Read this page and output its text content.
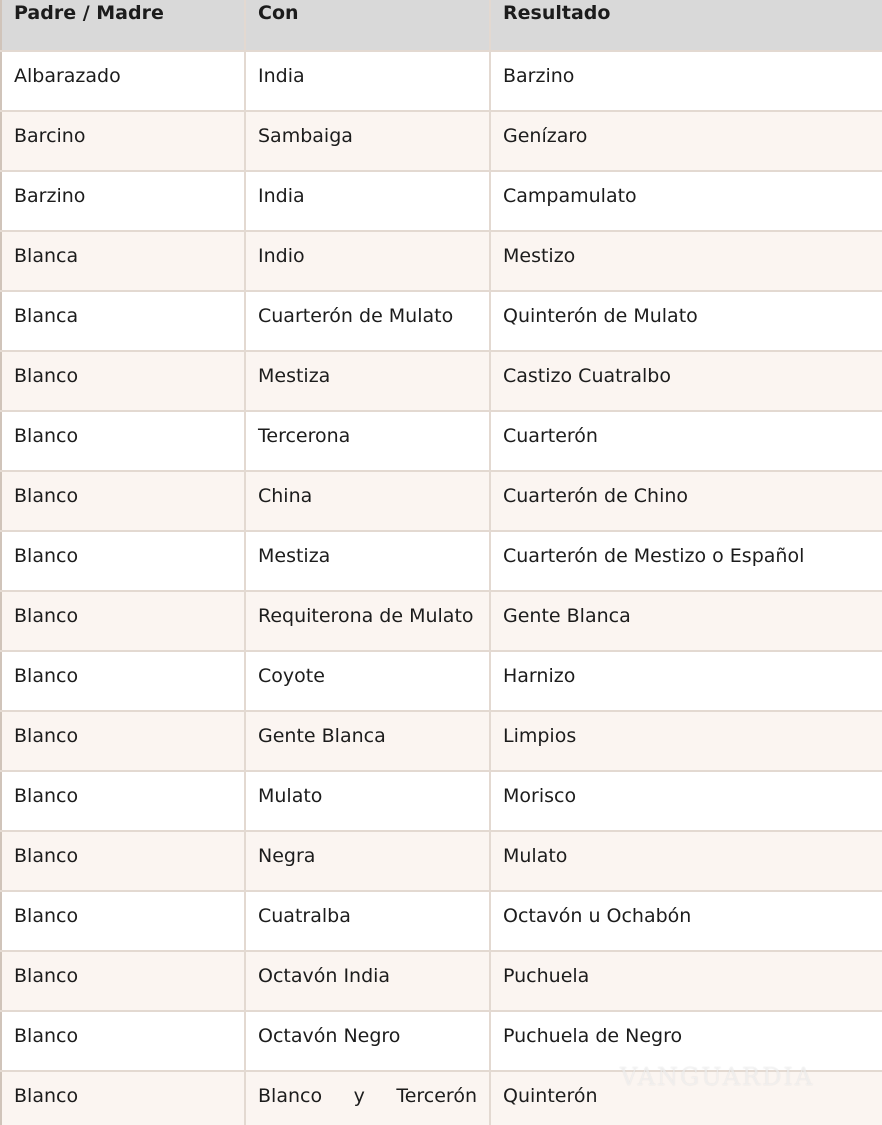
Padre / Madre	Con	Resultado
Albarazado	India	Barzino
Barcino	Sambaiga	Genízaro
Barzino	India	Campamulato
Blanca	Indio	Mestizo
Blanca	Cuarterón de Mulato	Quinterón de Mulato
Blanco	Mestiza	Castizo Cuatralbo
Blanco	Tercerona	Cuarterón
Blanco	China	Cuarterón de Chino
Blanco	Mestiza	Cuarterón de Mestizo o Español
Blanco	Requiterona de Mulato	Gente Blanca
Blanco	Coyote	Harnizo
Blanco	Gente Blanca	Limpios
Blanco	Mulato	Morisco
Blanco	Negra	Mulato
Blanco	Cuatralba	Octavón u Ochabón
Blanco	Octavón India	Puchuela
Blanco	Octavón Negro	Puchuela de Negro
Blanco	Blanco y Tercerón	Quinterón
VANGUARDIA
